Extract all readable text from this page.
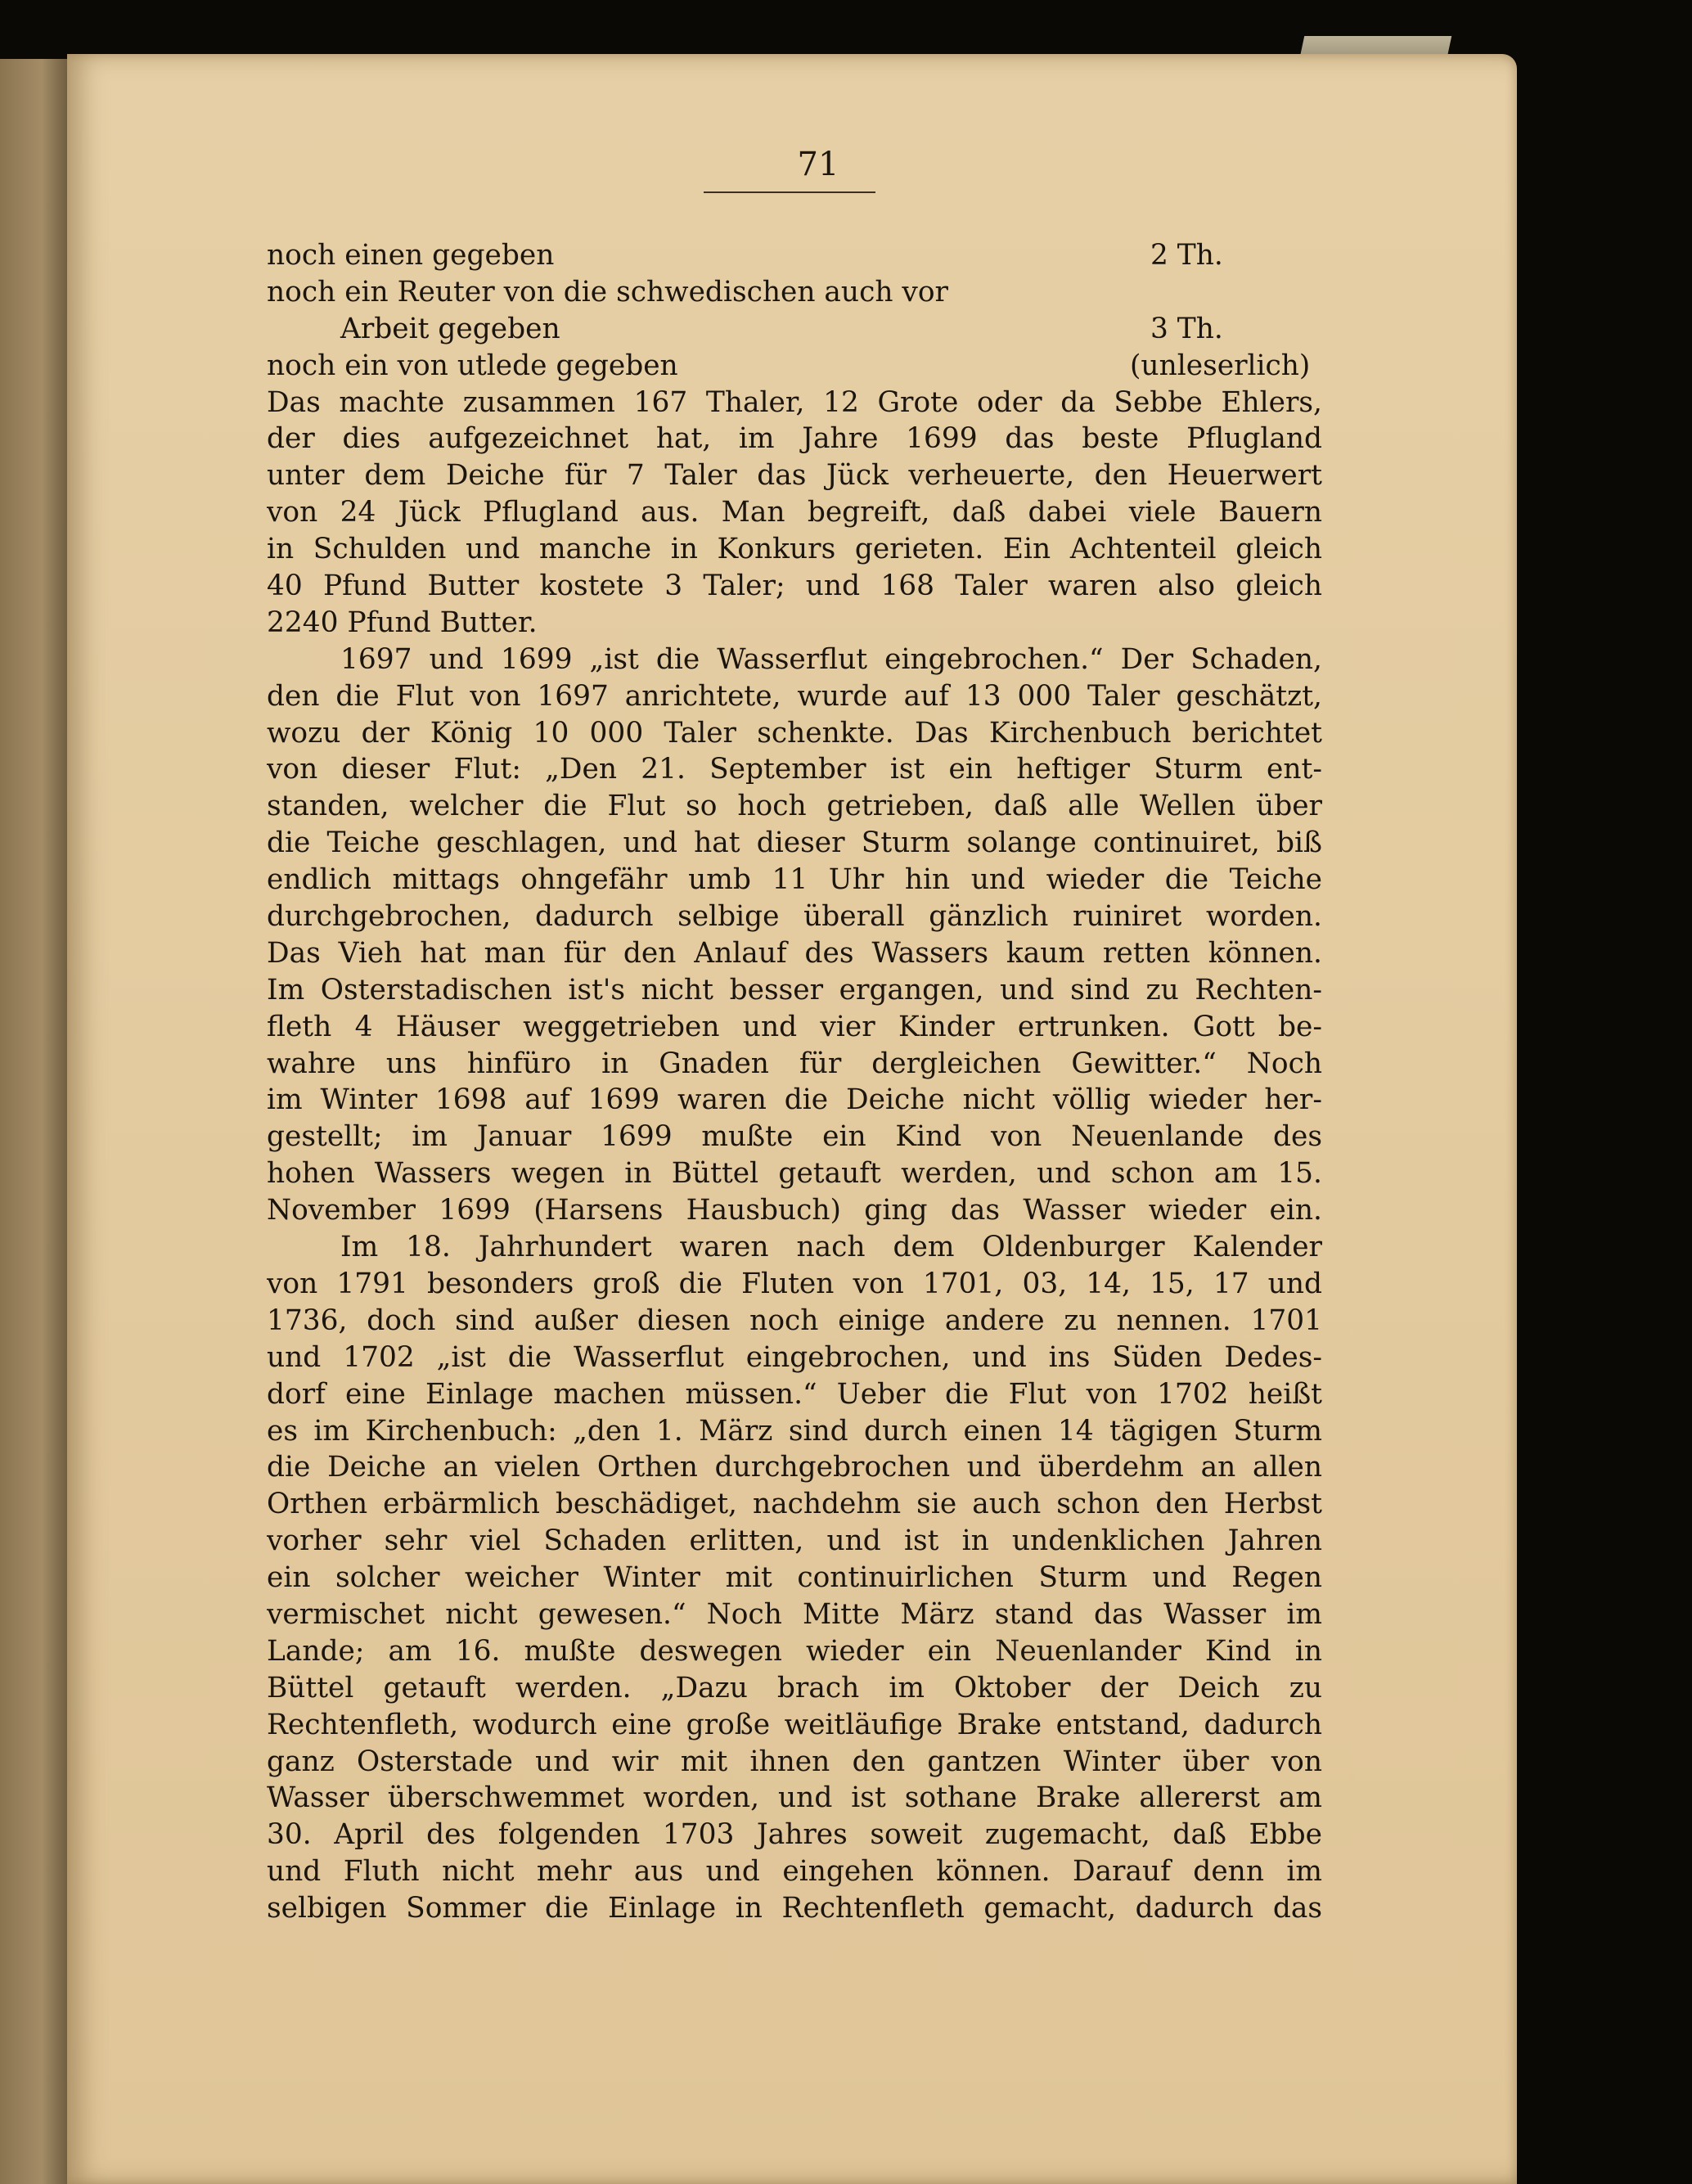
71
noch einen gegeben	2 Th.
noch ein Reuter von die schwedischen auch vor
Arbeit gegeben	3 Th.
noch ein von utlede gegeben	(unleserlich)
Das machte zusammen 167 Thaler, 12 Grote oder da Sebbe Ehlers,
der dies aufgezeichnet hat, im Jahre 1699 das beste Pflugland
unter dem Deiche für 7 Taler das Jück verheuerte, den Heuerwert
von 24 Jück Pflugland aus. Man begreift, daß dabei viele Bauern
in Schulden und manche in Konkurs gerieten. Ein Achtenteil gleich
40 Pfund Butter kostete 3 Taler; und 168 Taler waren also gleich
2240 Pfund Butter.
1697 und 1699 „ist die Wasserflut eingebrochen.“ Der Schaden,
den die Flut von 1697 anrichtete, wurde auf 13 000 Taler geschätzt,
wozu der König 10 000 Taler schenkte. Das Kirchenbuch berichtet
von dieser Flut: „Den 21. September ist ein heftiger Sturm ent-
standen, welcher die Flut so hoch getrieben, daß alle Wellen über
die Teiche geschlagen, und hat dieser Sturm solange continuiret, biß
endlich mittags ohngefähr umb 11 Uhr hin und wieder die Teiche
durchgebrochen, dadurch selbige überall gänzlich ruiniret worden.
Das Vieh hat man für den Anlauf des Wassers kaum retten können.
Im Osterstadischen ist's nicht besser ergangen, und sind zu Rechten-
fleth 4 Häuser weggetrieben und vier Kinder ertrunken. Gott be-
wahre uns hinfüro in Gnaden für dergleichen Gewitter.“ Noch
im Winter 1698 auf 1699 waren die Deiche nicht völlig wieder her-
gestellt; im Januar 1699 mußte ein Kind von Neuenlande des
hohen Wassers wegen in Büttel getauft werden, und schon am 15.
November 1699 (Harsens Hausbuch) ging das Wasser wieder ein.
Im 18. Jahrhundert waren nach dem Oldenburger Kalender
von 1791 besonders groß die Fluten von 1701, 03, 14, 15, 17 und
1736, doch sind außer diesen noch einige andere zu nennen. 1701
und 1702 „ist die Wasserflut eingebrochen, und ins Süden Dedes-
dorf eine Einlage machen müssen.“ Ueber die Flut von 1702 heißt
es im Kirchenbuch: „den 1. März sind durch einen 14 tägigen Sturm
die Deiche an vielen Orthen durchgebrochen und überdehm an allen
Orthen erbärmlich beschädiget, nachdehm sie auch schon den Herbst
vorher sehr viel Schaden erlitten, und ist in undenklichen Jahren
ein solcher weicher Winter mit continuirlichen Sturm und Regen
vermischet nicht gewesen.“ Noch Mitte März stand das Wasser im
Lande; am 16. mußte deswegen wieder ein Neuenlander Kind in
Büttel getauft werden. „Dazu brach im Oktober der Deich zu
Rechtenfleth, wodurch eine große weitläufige Brake entstand, dadurch
ganz Osterstade und wir mit ihnen den gantzen Winter über von
Wasser überschwemmet worden, und ist sothane Brake allererst am
30. April des folgenden 1703 Jahres soweit zugemacht, daß Ebbe
und Fluth nicht mehr aus und eingehen können. Darauf denn im
selbigen Sommer die Einlage in Rechtenfleth gemacht, dadurch das
